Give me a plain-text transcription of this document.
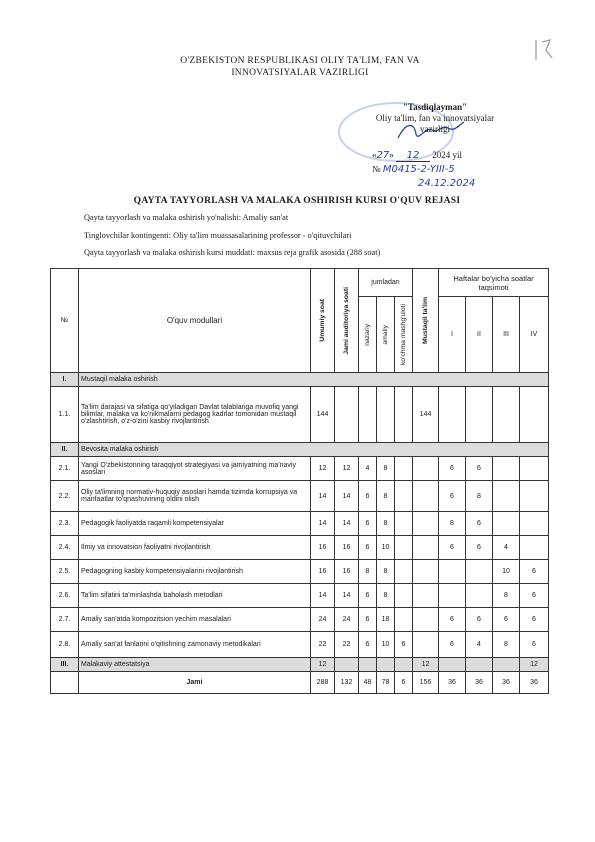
O'ZBEKISTON RESPUBLIKASI OLIY TA'LIM, FAN VA
INNOVATSIYALAR VAZIRLIGI
"Tasdiqlayman"
Oliy ta'lim, fan va innovatsiyalar
vazirligi
«27» 12 2024 yil
№ M0415-2-YIII-5
24.12.2024
QAYTA TAYYORLASH VA MALAKA OSHIRISH KURSI O'QUV REJASI
Qayta tayyorlash va malaka oshirish yo'nalishi: Amaliy san'at
Tinglovchilar kontingenti: Oliy ta'lim muassasalarining professor - o'qituvchilari
Qayta tayyorlash va malaka oshirish kursi muddati: maxsus reja grafik asosida (288 soat)
№	O'quv modullari	Umumiy soat	Jami auditoriya soati	jumladan			Mustaqil ta'lim	Haftalar bo'yicha soatlar taqsimoti			

				nazariy	amaliy	ko'chma mashg'uloti		I	II	III	IV
I.	Mustaqil malaka oshirish										
1.1.	Ta'lim darajasi va sifatiga qo'yiladigan Davlat talablariga muvofiq yangi bilimlar, malaka va ko'nikmalarni pedagog kadrlar tomonidan mustaqil o'zlashtirish, o'z-o'zini kasbiy rivojlantirish	144					144				
II.	Bevosita malaka oshirish										
2.1.	Yangi O'zbekistonning taraqqiyot strategiyasi va jamiyatning ma'naviy asoslari	12	12	4	8			6	6		
2.2.	Oliy ta'limning normativ-huquqiy asoslari hamda tizimda korrupsiya va manfaatlar to'qnashuvining oldini olish	14	14	6	8			6	8		
2.3.	Pedagogik faoliyatda raqamli kompetensiyalar	14	14	6	8			8	6		
2.4.	Ilmiy va innovatsion faoliyatni rivojlantirish	16	16	6	10			6	6	4	
2.5.	Pedagogning kasbiy kompetensiyalarini rivojlantirish	16	16	8	8					10	6
2.6.	Ta'lim sifatini ta'minlashda baholash metodlari	14	14	6	8					8	6
2.7.	Amaliy san'atda kompozitsion yechim masalalari	24	24	6	18			6	6	6	6
2.8.	Amaliy san'at fanlarini o'qitishning zamonaviy metodikalari	22	22	6	10	6		6	4	8	6
III.	Malakaviy attestatsiya	12					12				12
	Jami	288	132	48	78	6	156	36	36	36	36
